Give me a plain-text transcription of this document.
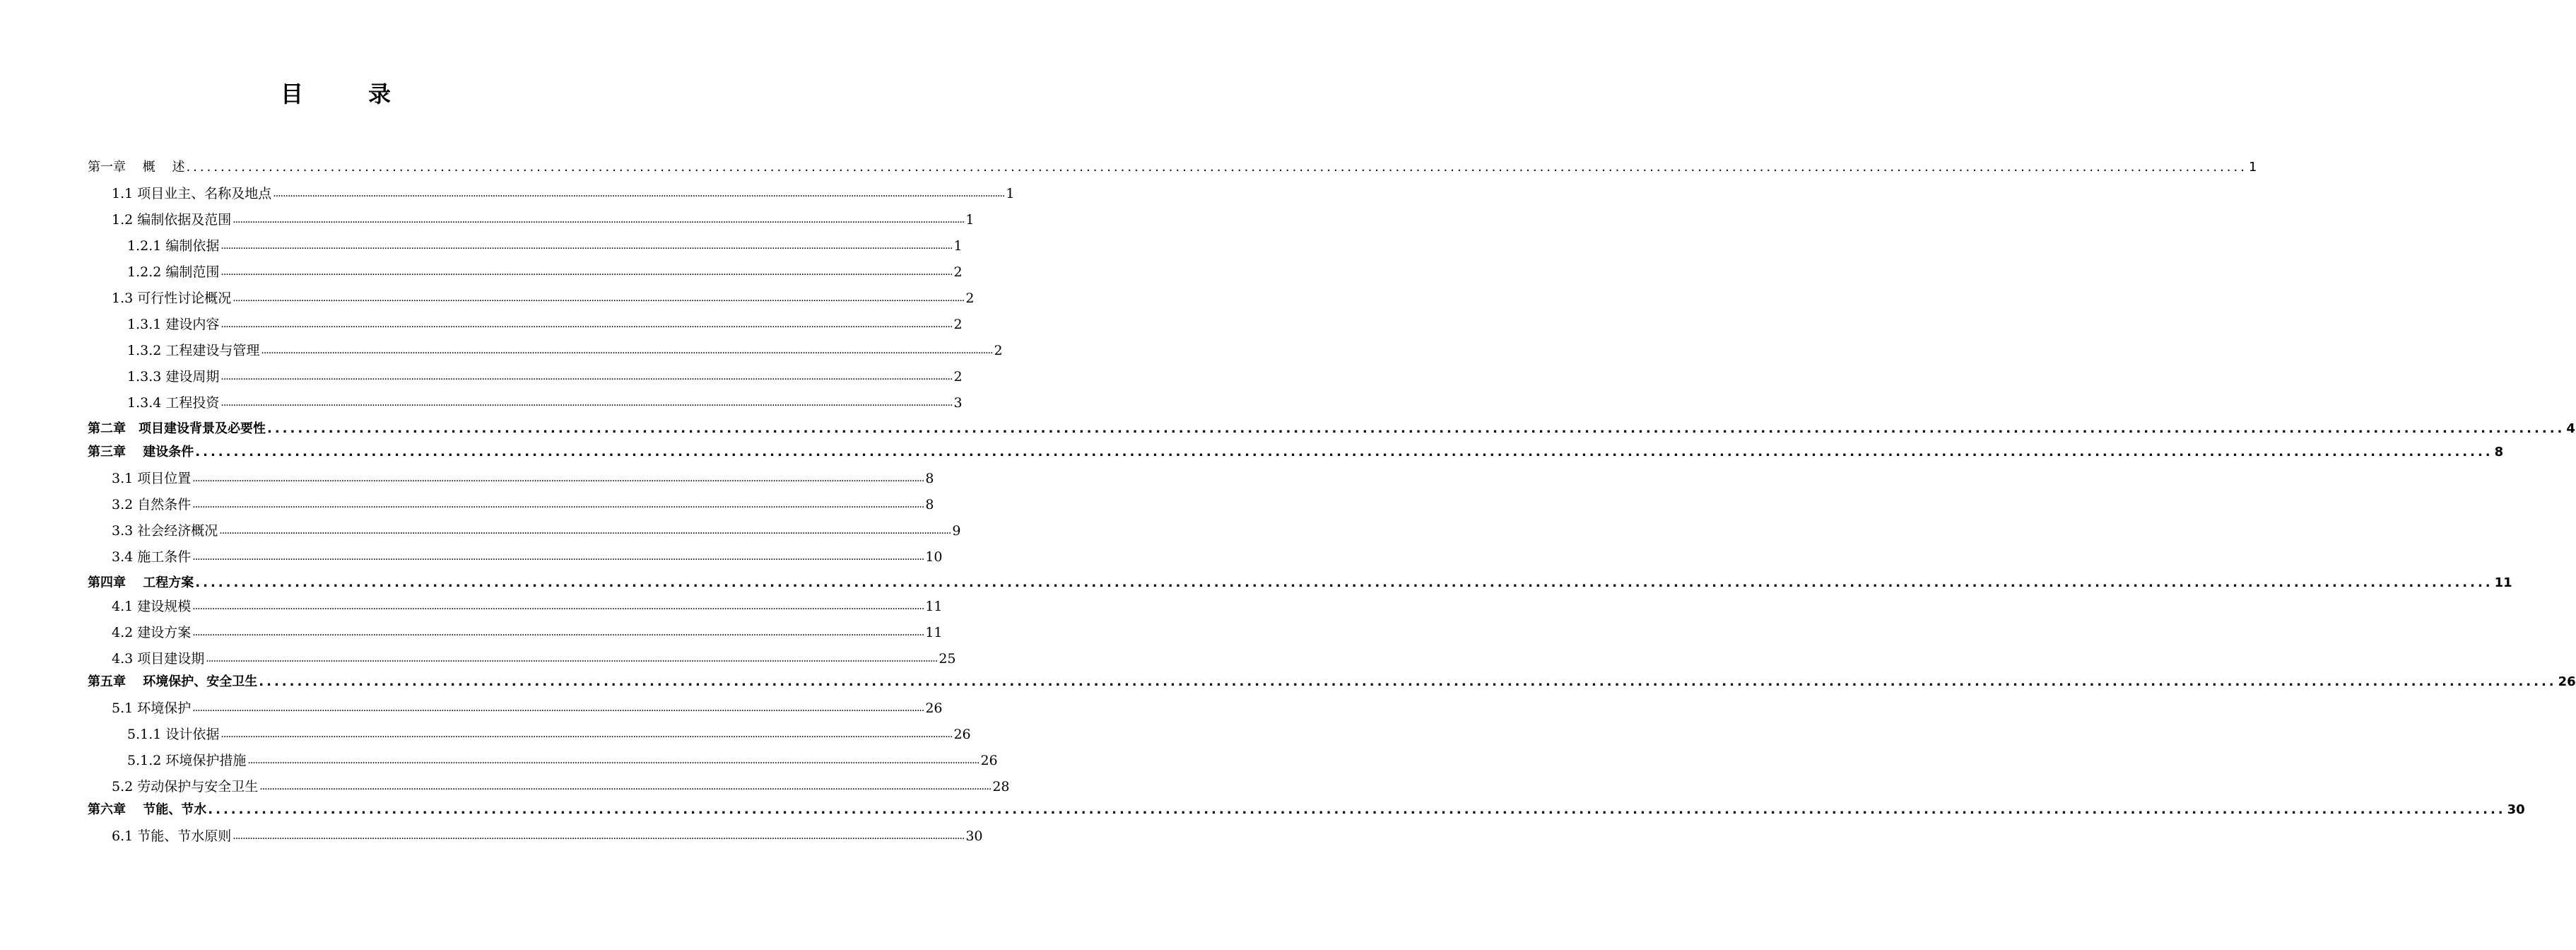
目　录
第一章　 概　 述 ............................................................................................................................................................................................................................................................................................................ 1
1.1 项目业主、名称及地点 ............................................................................................................................................................................................................................................................................................................ 1
1.2 编制依据及范围 ............................................................................................................................................................................................................................................................................................................ 1
1.2.1 编制依据 ............................................................................................................................................................................................................................................................................................................ 1
1.2.2 编制范围 ............................................................................................................................................................................................................................................................................................................ 2
1.3 可行性讨论概况 ............................................................................................................................................................................................................................................................................................................ 2
1.3.1 建设内容 ............................................................................................................................................................................................................................................................................................................ 2
1.3.2 工程建设与管理 ............................................................................................................................................................................................................................................................................................................ 2
1.3.3 建设周期 ............................................................................................................................................................................................................................................................................................................ 2
1.3.4 工程投资 ............................................................................................................................................................................................................................................................................................................ 3
第二章　项目建设背景及必要性 ............................................................................................................................................................................................................................................................................................................ 4
第三章　 建设条件 ............................................................................................................................................................................................................................................................................................................ 8
3.1 项目位置 ............................................................................................................................................................................................................................................................................................................ 8
3.2 自然条件 ............................................................................................................................................................................................................................................................................................................ 8
3.3 社会经济概况 ............................................................................................................................................................................................................................................................................................................ 9
3.4 施工条件 ............................................................................................................................................................................................................................................................................................................ 10
第四章　 工程方案 ............................................................................................................................................................................................................................................................................................................ 11
4.1 建设规模 ............................................................................................................................................................................................................................................................................................................ 11
4.2 建设方案 ............................................................................................................................................................................................................................................................................................................ 11
4.3 项目建设期 ............................................................................................................................................................................................................................................................................................................ 25
第五章　 环境保护、安全卫生 ............................................................................................................................................................................................................................................................................................................ 26
5.1 环境保护 ............................................................................................................................................................................................................................................................................................................ 26
5.1.1 设计依据 ............................................................................................................................................................................................................................................................................................................ 26
5.1.2 环境保护措施 ............................................................................................................................................................................................................................................................................................................ 26
5.2 劳动保护与安全卫生 ............................................................................................................................................................................................................................................................................................................ 28
第六章　 节能、节水 ............................................................................................................................................................................................................................................................................................................ 30
6.1 节能、节水原则 ............................................................................................................................................................................................................................................................................................................ 30
